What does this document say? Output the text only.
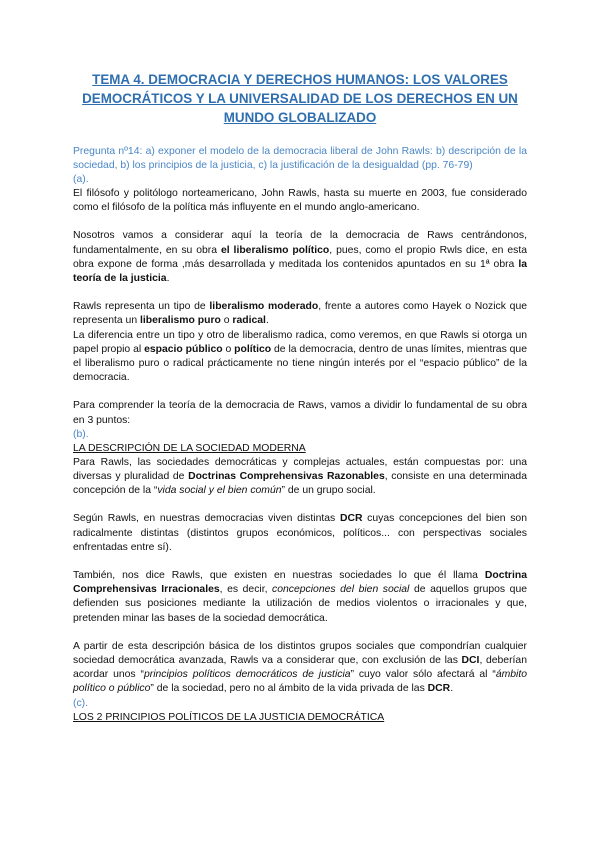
TEMA 4. DEMOCRACIA Y DERECHOS HUMANOS: LOS VALORES DEMOCRÁTICOS Y LA UNIVERSALIDAD DE LOS DERECHOS EN UN MUNDO GLOBALIZADO

Pregunta nº14: a) exponer el modelo de la democracia liberal de John Rawls: b) descripción de la sociedad, b) los principios de la justicia, c) la justificación de la desigualdad (pp. 76-79)

(a).

El filósofo y politólogo norteamericano, John Rawls, hasta su muerte en 2003, fue considerado como el filósofo de la política más influyente en el mundo anglo-americano.

Nosotros vamos a considerar aquí la teoría de la democracia de Raws centrándonos, fundamentalmente, en su obra el liberalismo político, pues, como el propio Rwls dice, en esta obra expone de forma ,más desarrollada y meditada los contenidos apuntados en su 1ª obra la teoría de la justicia.

Rawls representa un tipo de liberalismo moderado, frente a autores como Hayek o Nozick que representa un liberalismo puro o radical.

La diferencia entre un tipo y otro de liberalismo radica, como veremos, en que Rawls si otorga un papel propio al espacio público o político de la democracia, dentro de unas límites, mientras que el liberalismo puro o radical prácticamente no tiene ningún interés por el “espacio público” de la democracia.

Para comprender la teoría de la democracia de Raws, vamos a dividir lo fundamental de su obra en 3 puntos:

(b).
LA DESCRIPCIÓN DE LA SOCIEDAD MODERNA

Para Rawls, las sociedades democráticas y complejas actuales, están compuestas por: una diversas y pluralidad de Doctrinas Comprehensivas Razonables, consiste en una determinada concepción de la “vida social y el bien común” de un grupo social.

Según Rawls, en nuestras democracias viven distintas DCR cuyas concepciones del bien son radicalmente distintas (distintos grupos económicos, políticos... con perspectivas sociales enfrentadas entre sí).

También, nos dice Rawls, que existen en nuestras sociedades lo que él llama Doctrina Comprehensivas Irracionales, es decir, concepciones del bien social de aquellos grupos que defienden sus posiciones mediante la utilización de medios violentos o irracionales y que, pretenden minar las bases de la sociedad democrática.

A partir de esta descripción básica de los distintos grupos sociales que compondrían cualquier sociedad democrática avanzada, Rawls va a considerar que, con exclusión de las DCI, deberían acordar unos “principios políticos democráticos de justicia” cuyo valor sólo afectará al “ámbito político o público” de la sociedad, pero no al ámbito de la vida privada de las DCR.

(c).
LOS 2 PRINCIPIOS POLÍTICOS DE LA JUSTICIA DEMOCRÁTICA
